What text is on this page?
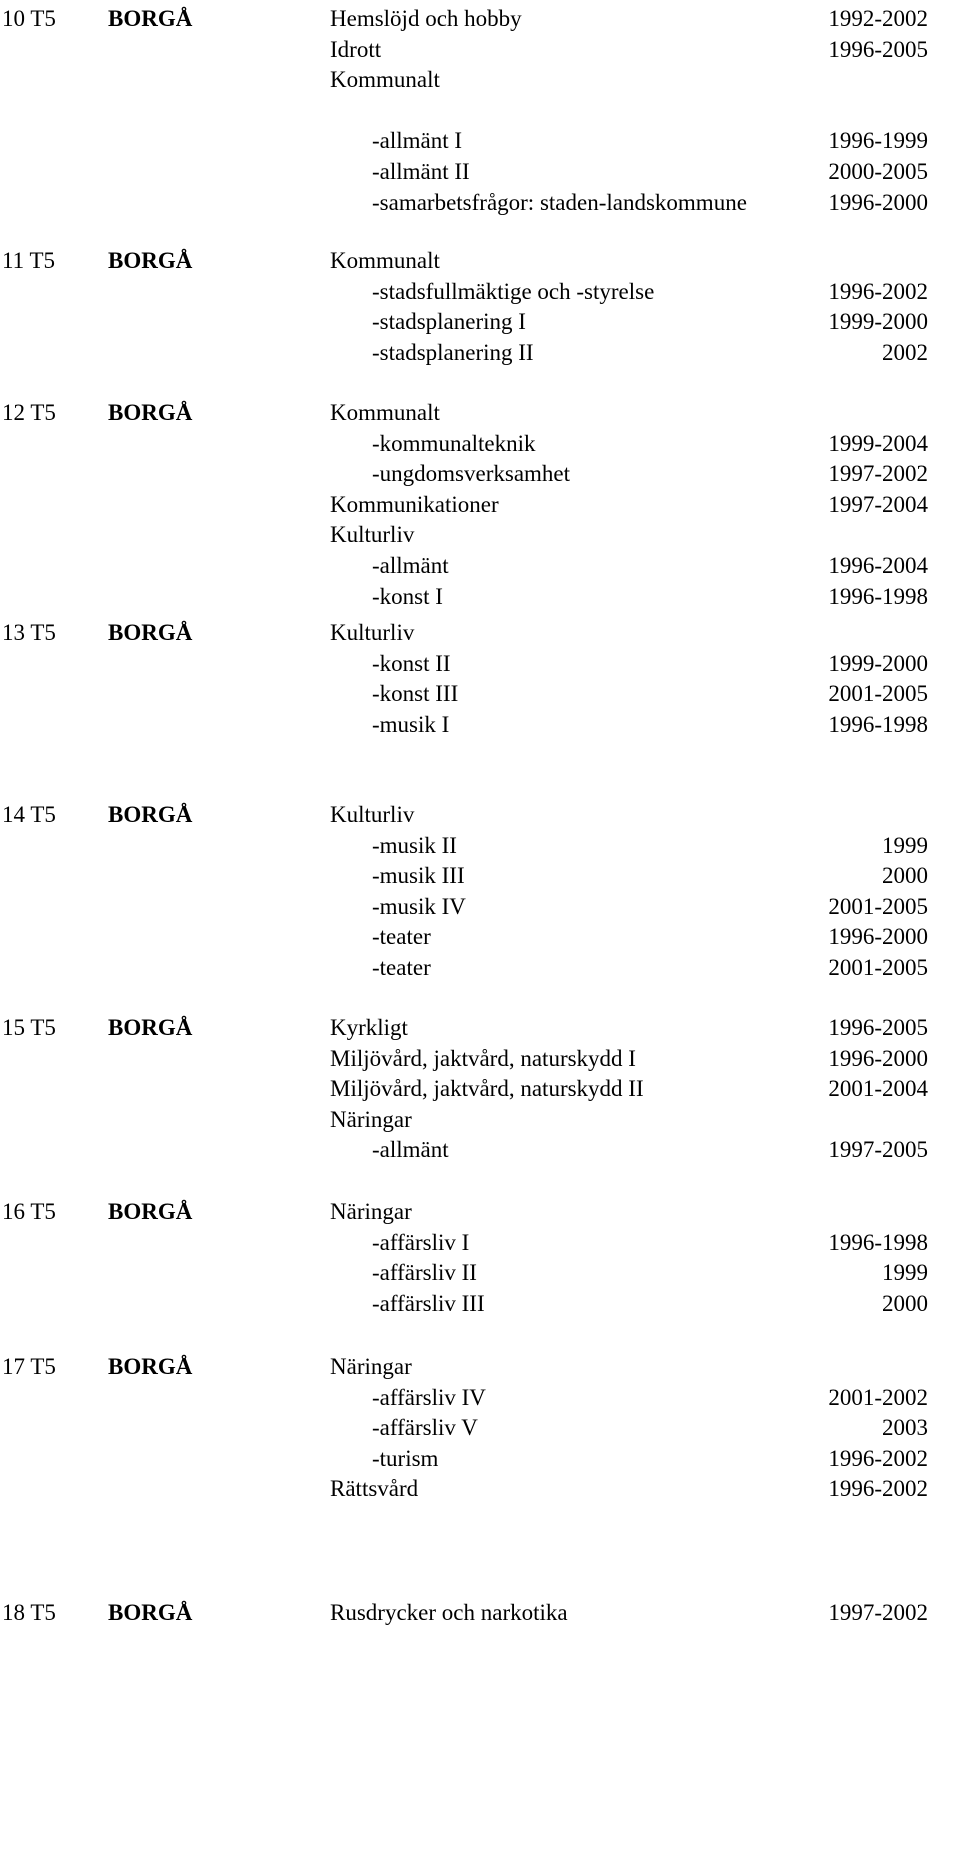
10 T5 BORGÅ	Hemslöjd och hobby	1992-2002
Idrott	1996-2005
Kommunalt
-allmänt I	1996-1999
-allmänt II	2000-2005
-samarbetsfrågor: staden-landskommune	1996-2000
11 T5 BORGÅ	Kommunalt
-stadsfullmäktige och -styrelse	1996-2002
-stadsplanering I	1999-2000
-stadsplanering II	2002
12 T5 BORGÅ	Kommunalt
-kommunalteknik	1999-2004
-ungdomsverksamhet	1997-2002
Kommunikationer	1997-2004
Kulturliv
-allmänt	1996-2004
-konst I	1996-1998
13 T5 BORGÅ	Kulturliv
-konst II	1999-2000
-konst III	2001-2005
-musik I	1996-1998
14 T5 BORGÅ	Kulturliv
-musik II	1999
-musik III	2000
-musik IV	2001-2005
-teater	1996-2000
-teater	2001-2005
15 T5 BORGÅ	Kyrkligt	1996-2005
Miljövård, jaktvård, naturskydd I	1996-2000
Miljövård, jaktvård, naturskydd II	2001-2004
Näringar
-allmänt	1997-2005
16 T5 BORGÅ	Näringar
-affärsliv I	1996-1998
-affärsliv II	1999
-affärsliv III	2000
17 T5 BORGÅ	Näringar
-affärsliv IV	2001-2002
-affärsliv V	2003
-turism	1996-2002
Rättsvård	1996-2002
18 T5 BORGÅ	Rusdrycker och narkotika	1997-2002
